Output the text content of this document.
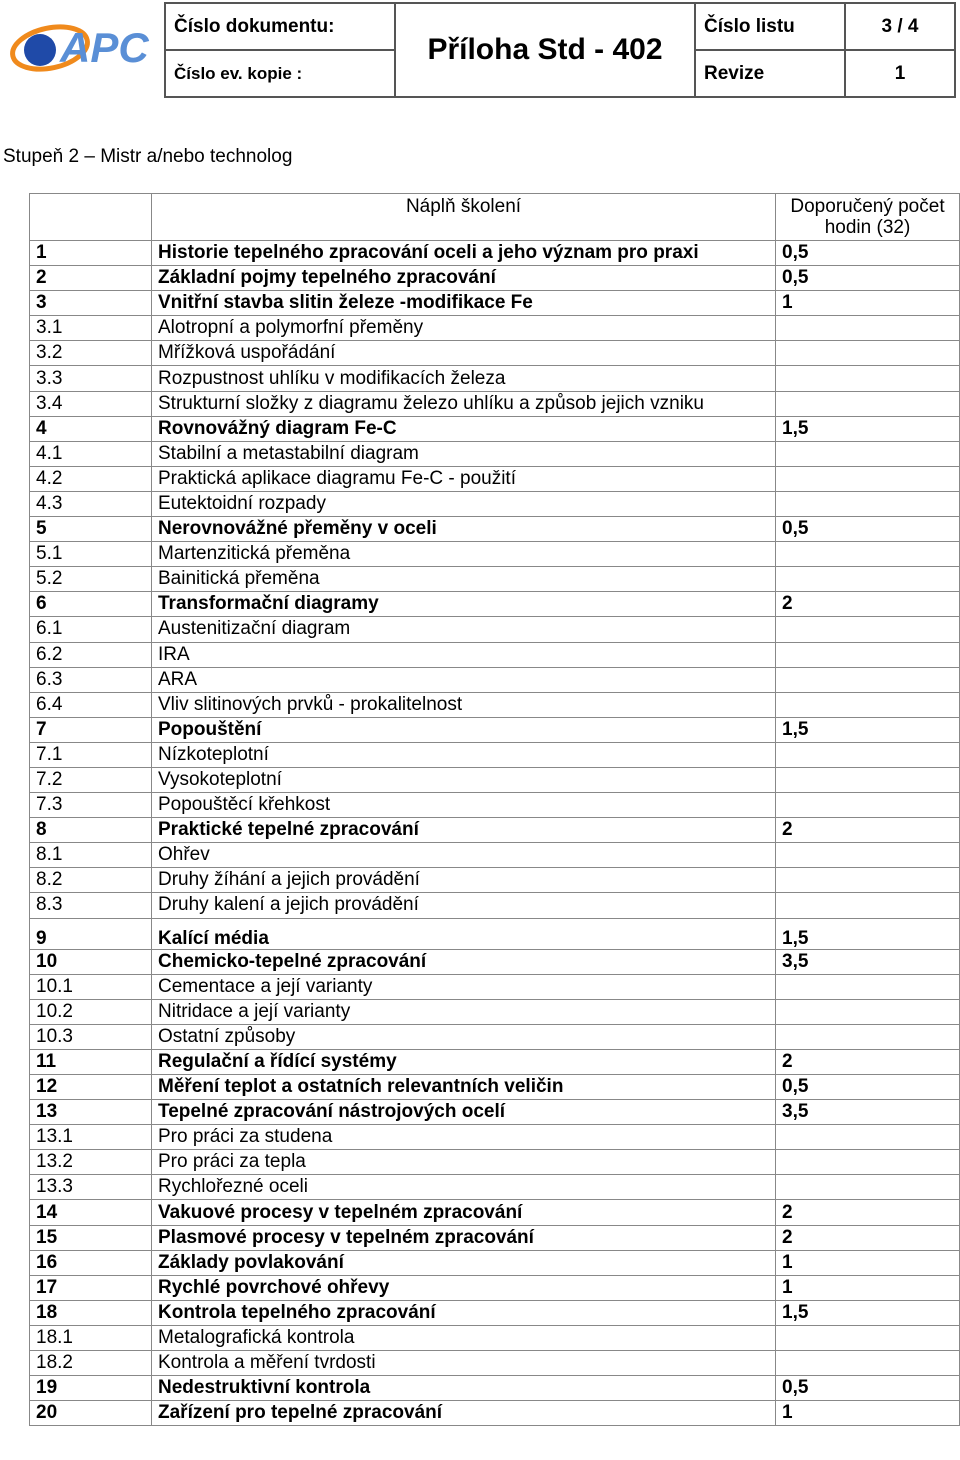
APC Číslo dokumentu:	Příloha Std - 402	Číslo listu	3 / 4
Číslo ev. kopie :		Revize	1
Stupeň 2 – Mistr a/nebo technolog
	Náplň školení	Doporučený počet hodin (32)
1	Historie tepelného zpracování oceli a jeho význam pro praxi	0,5
2	Základní pojmy tepelného zpracování	0,5
3	Vnitřní stavba slitin železe -modifikace Fe	1
3.1	Alotropní a polymorfní přeměny	
3.2	Mřížková uspořádání	
3.3	Rozpustnost uhlíku v modifikacích železa	
3.4	Strukturní složky z diagramu železo uhlíku a způsob jejich vzniku	
4	Rovnovážný diagram Fe-C	1,5
4.1	Stabilní a metastabilní diagram	
4.2	Praktická aplikace diagramu Fe-C - použití	
4.3	Eutektoidní rozpady	
5	Nerovnovážné přeměny v oceli	0,5
5.1	Martenzitická přeměna	
5.2	Bainitická přeměna	
6	Transformační diagramy	2
6.1	Austenitizační diagram	
6.2	IRA	
6.3	ARA	
6.4	Vliv slitinových prvků - prokalitelnost	
7	Popouštění	1,5
7.1	Nízkoteplotní	
7.2	Vysokoteplotní	
7.3	Popouštěcí křehkost	
8	Praktické tepelné zpracování	2
8.1	Ohřev	
8.2	Druhy žíhání a jejich provádění	
8.3	Druhy kalení a jejich provádění	
9	Kalící média	1,5
10	Chemicko-tepelné zpracování	3,5
10.1	Cementace a její varianty	
10.2	Nitridace a její varianty	
10.3	Ostatní způsoby	
11	Regulační a řídící systémy	2
12	Měření teplot a ostatních relevantních veličin	0,5
13	Tepelné zpracování nástrojových ocelí	3,5
13.1	Pro práci za studena	
13.2	Pro práci za tepla	
13.3	Rychlořezné oceli	
14	Vakuové procesy v tepelném zpracování	2
15	Plasmové procesy v tepelném zpracování	2
16	Základy povlakování	1
17	Rychlé povrchové ohřevy	1
18	Kontrola tepelného zpracování	1,5
18.1	Metalografická kontrola	
18.2	Kontrola a měření tvrdosti	
19	Nedestruktivní kontrola	0,5
20	Zařízení pro tepelné zpracování	1
